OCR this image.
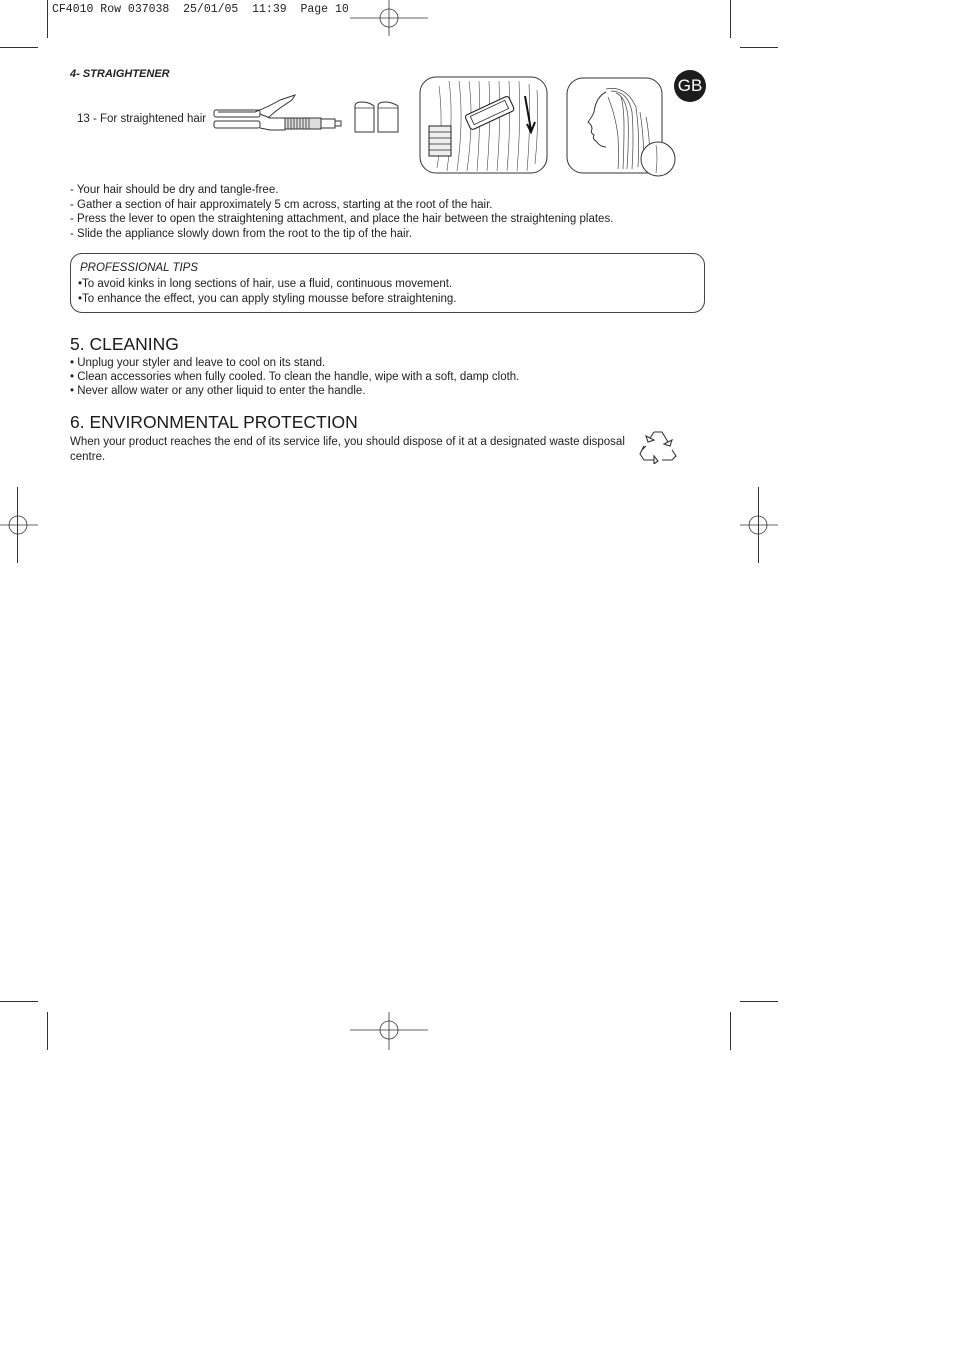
CF4010 Row 037038  25/01/05  11:39  Page 10
4- STRAIGHTENER
13 - For straightened hair
GB
- Your hair should be dry and tangle-free.
- Gather a section of hair approximately 5 cm across, starting at the root of the hair.
- Press the lever to open the straightening attachment, and place the hair between the straightening plates.
- Slide the appliance slowly down from the root to the tip of the hair.
PROFESSIONAL TIPS
•To avoid kinks in long sections of hair, use a fluid, continuous movement.
•To enhance the effect, you can apply styling mousse before straightening.
5. CLEANING
• Unplug your styler and leave to cool on its stand.
• Clean accessories when fully cooled. To clean the handle, wipe with a soft, damp cloth.
• Never allow water or any other liquid to enter the handle.
6. ENVIRONMENTAL PROTECTION
When your product reaches the end of its service life, you should dispose of it at a designated waste disposal centre.
